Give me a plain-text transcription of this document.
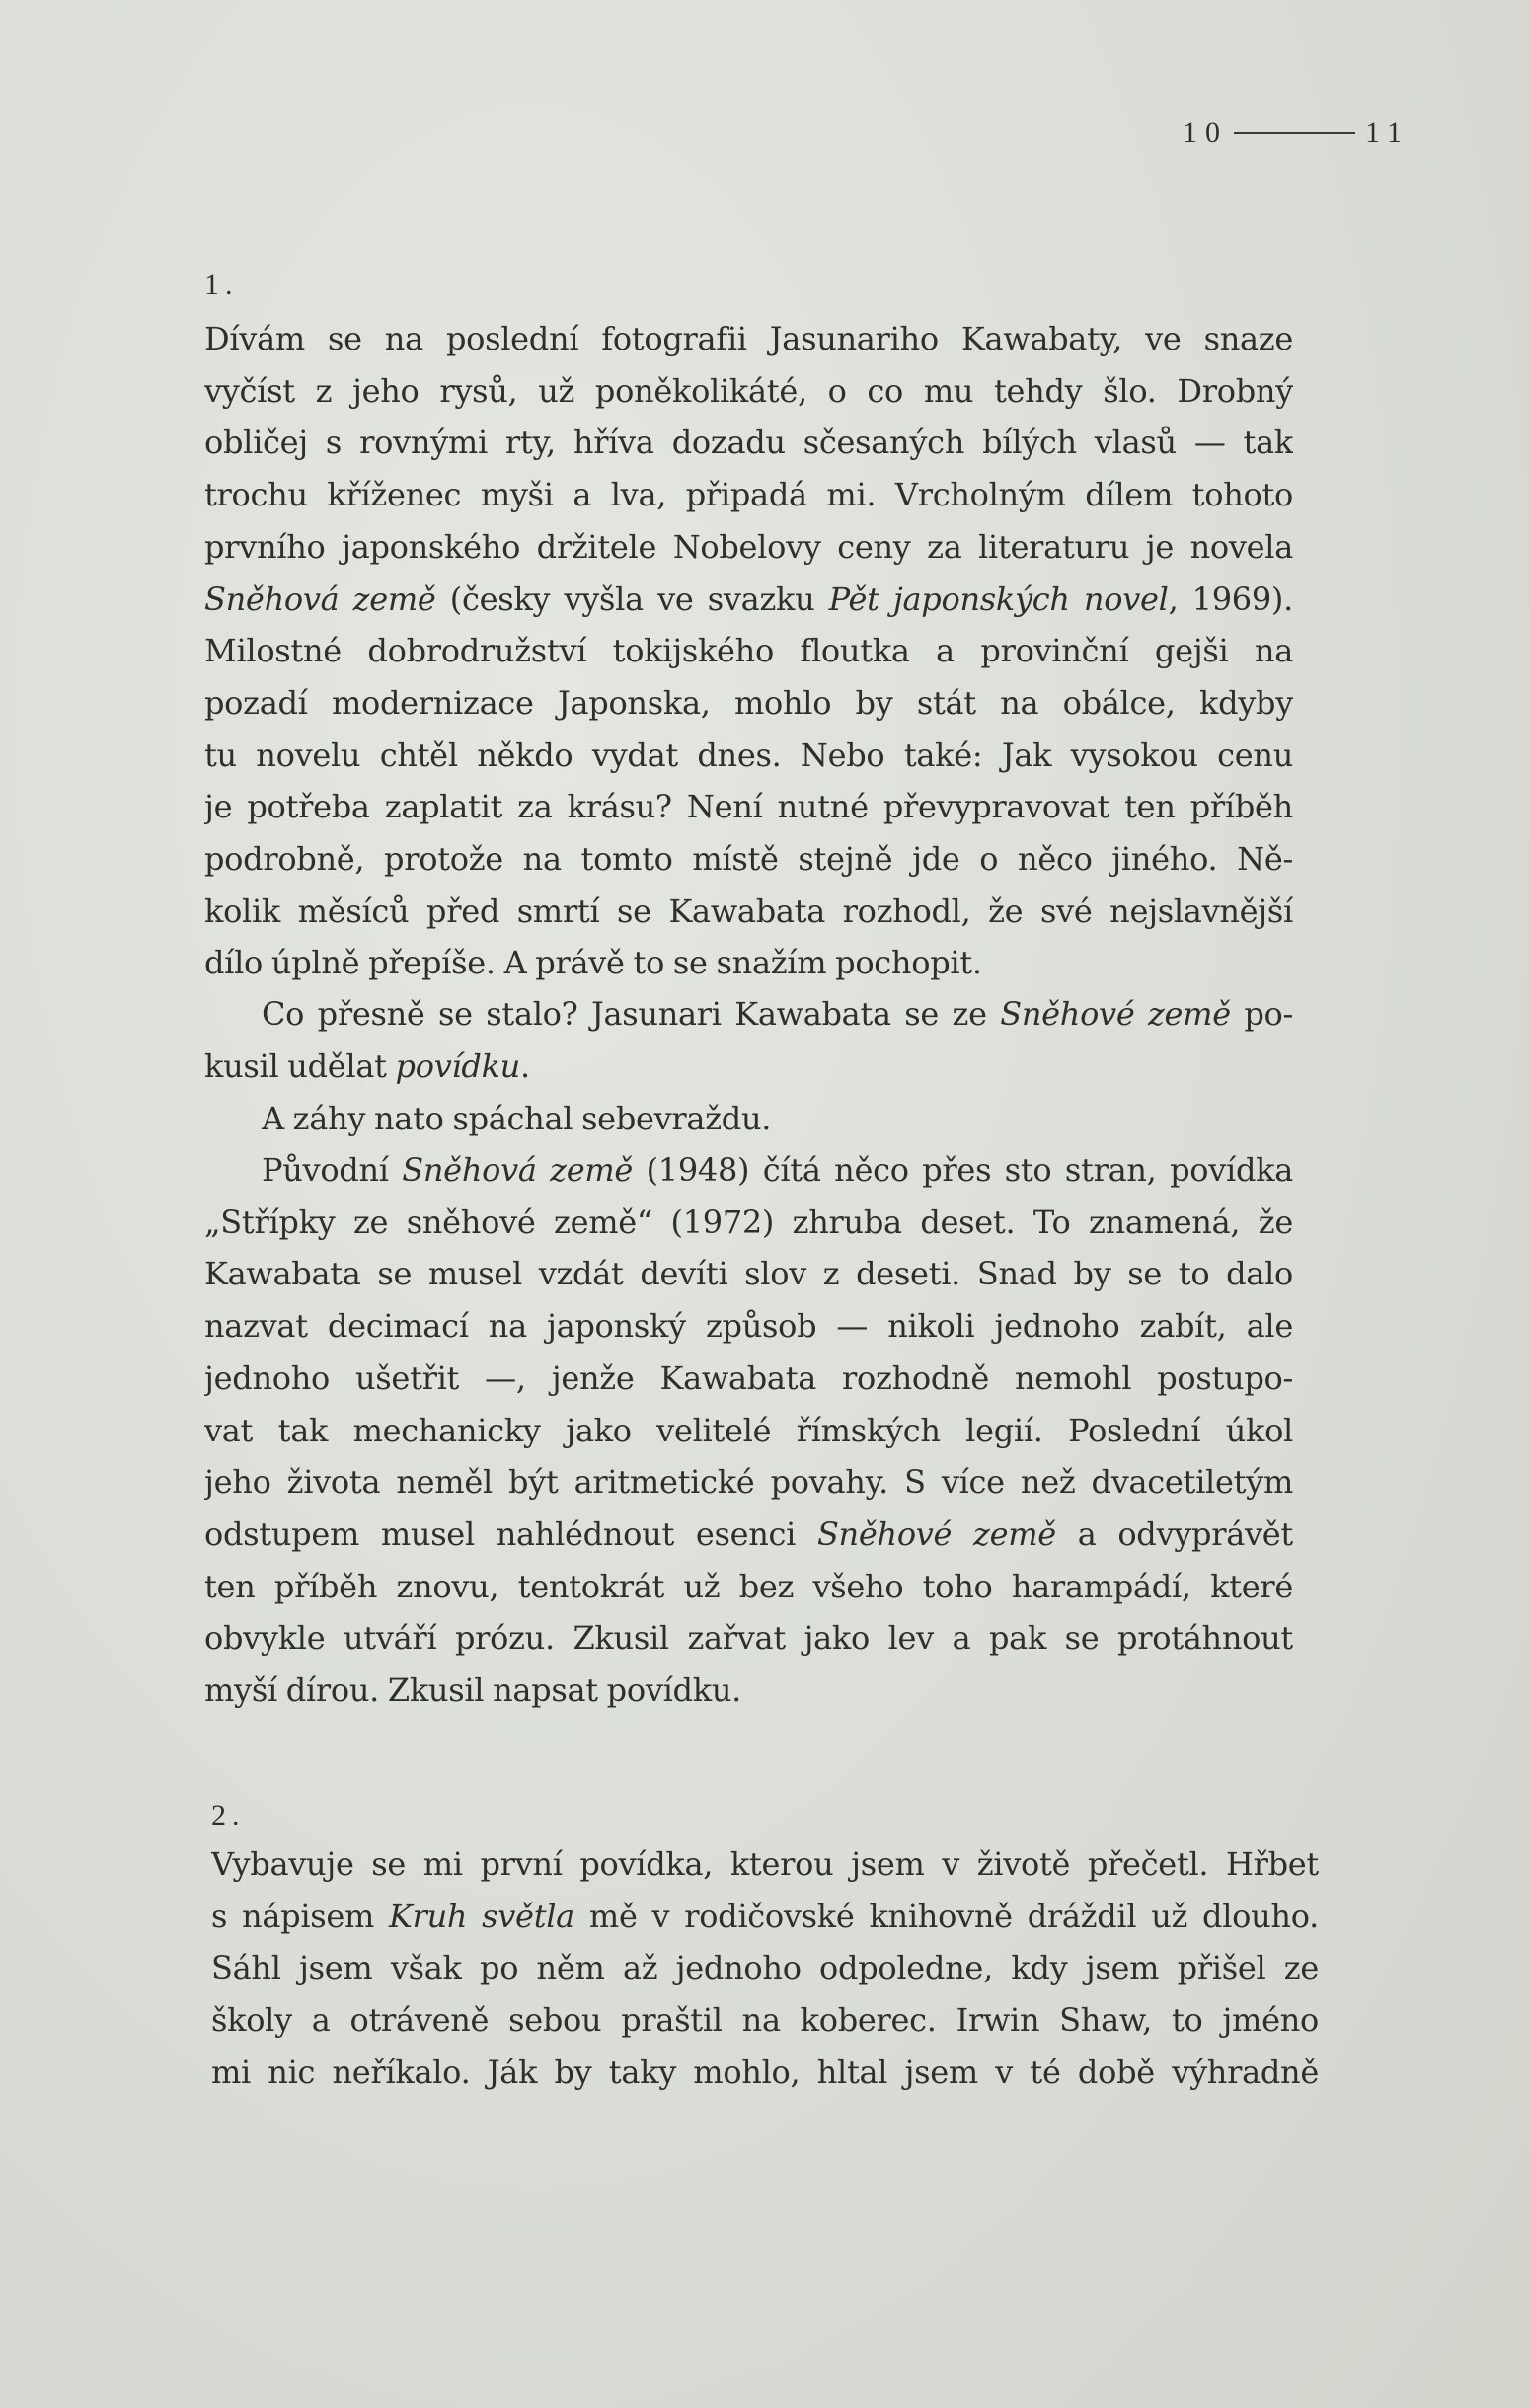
10	11
1.
Dívám se na poslední fotografii Jasunariho Kawabaty, ve snaze
vyčíst z jeho rysů, už poněkolikáté, o co mu tehdy šlo. Drobný
obličej s rovnými rty, hříva dozadu sčesaných bílých vlasů — tak
trochu kříženec myši a lva, připadá mi. Vrcholným dílem tohoto
prvního japonského držitele Nobelovy ceny za literaturu je novela
Sněhová země (česky vyšla ve svazku Pět japonských novel, 1969).
Milostné dobrodružství tokijského floutka a provinční gejši na
pozadí modernizace Japonska, mohlo by stát na obálce, kdyby
tu novelu chtěl někdo vydat dnes. Nebo také: Jak vysokou cenu
je potřeba zaplatit za krásu? Není nutné převypravovat ten příběh
podrobně, protože na tomto místě stejně jde o něco jiného. Ně-
kolik měsíců před smrtí se Kawabata rozhodl, že své nejslavnější
dílo úplně přepíše. A právě to se snažím pochopit.
Co přesně se stalo? Jasunari Kawabata se ze Sněhové země po-
kusil udělat povídku.
A záhy nato spáchal sebevraždu.
Původní Sněhová země (1948) čítá něco přes sto stran, povídka
„Střípky ze sněhové země“ (1972) zhruba deset. To znamená, že
Kawabata se musel vzdát devíti slov z deseti. Snad by se to dalo
nazvat decimací na japonský způsob — nikoli jednoho zabít, ale
jednoho ušetřit —, jenže Kawabata rozhodně nemohl postupo-
vat tak mechanicky jako velitelé římských legií. Poslední úkol
jeho života neměl být aritmetické povahy. S více než dvacetiletým
odstupem musel nahlédnout esenci Sněhové země a odvyprávět
ten příběh znovu, tentokrát už bez všeho toho harampádí, které
obvykle utváří prózu. Zkusil zařvat jako lev a pak se protáhnout
myší dírou. Zkusil napsat povídku.
2.
Vybavuje se mi první povídka, kterou jsem v životě přečetl. Hřbet
s nápisem Kruh světla mě v rodičovské knihovně dráždil už dlouho.
Sáhl jsem však po něm až jednoho odpoledne, kdy jsem přišel ze
školy a otráveně sebou praštil na koberec. Irwin Shaw, to jméno
mi nic neříkalo. Ják by taky mohlo, hltal jsem v té době výhradně
